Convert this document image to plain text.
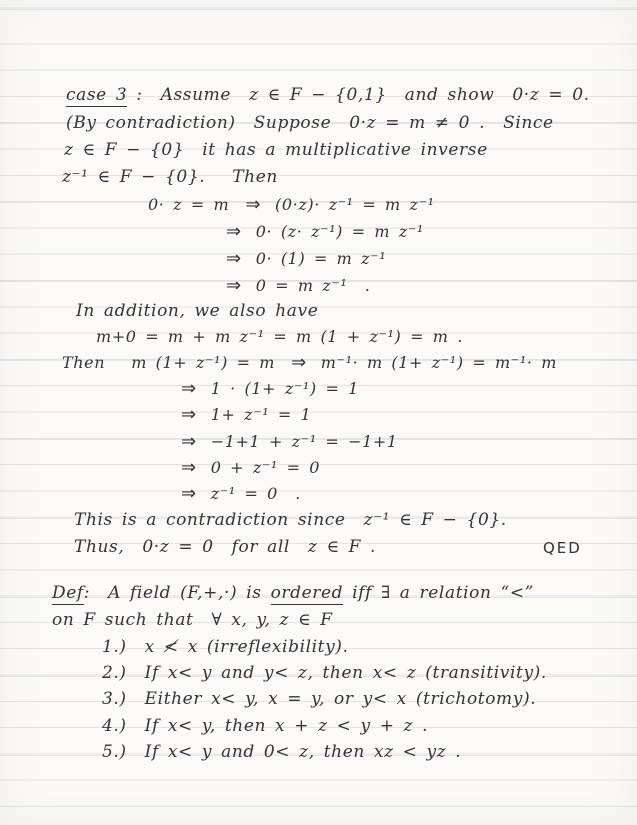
case 3 :  Assume  z ∈ F − {0,1}  and show  0·z = 0.
(By contradiction)  Suppose  0·z = m ≠ 0 .  Since
z ∈ F − {0}  it has a multiplicative inverse
z⁻¹ ∈ F − {0}.   Then
0· z = m ⇒ (0·z)· z⁻¹ = m z⁻¹
⇒ 0· (z· z⁻¹) = m z⁻¹
⇒ 0· (1) = m z⁻¹
⇒ 0 = m z⁻¹  .
In addition, we also have
m+0 = m + m z⁻¹ = m (1 + z⁻¹) = m .
Then   m (1+ z⁻¹) = m ⇒ m⁻¹· m (1+ z⁻¹) = m⁻¹· m
⇒ 1 · (1+ z⁻¹) = 1
⇒ 1+ z⁻¹ = 1
⇒ −1+1 + z⁻¹ = −1+1
⇒ 0 + z⁻¹ = 0
⇒ z⁻¹ = 0  .
This is a contradiction since  z⁻¹ ∈ F − {0}.
Thus,  0·z = 0  for all  z ∈ F .	QED
Def:  A field (F,+,·) is ordered iff ∃ a relation “<”
on F such that  ∀ x, y, z ∈ F
1.) x ≮ x (irreflexibility).
2.) If x< y and y< z, then x< z (transitivity).
3.) Either x< y, x = y, or y< x (trichotomy).
4.) If x< y, then x + z < y + z .
5.) If x< y and 0< z, then xz < yz .
